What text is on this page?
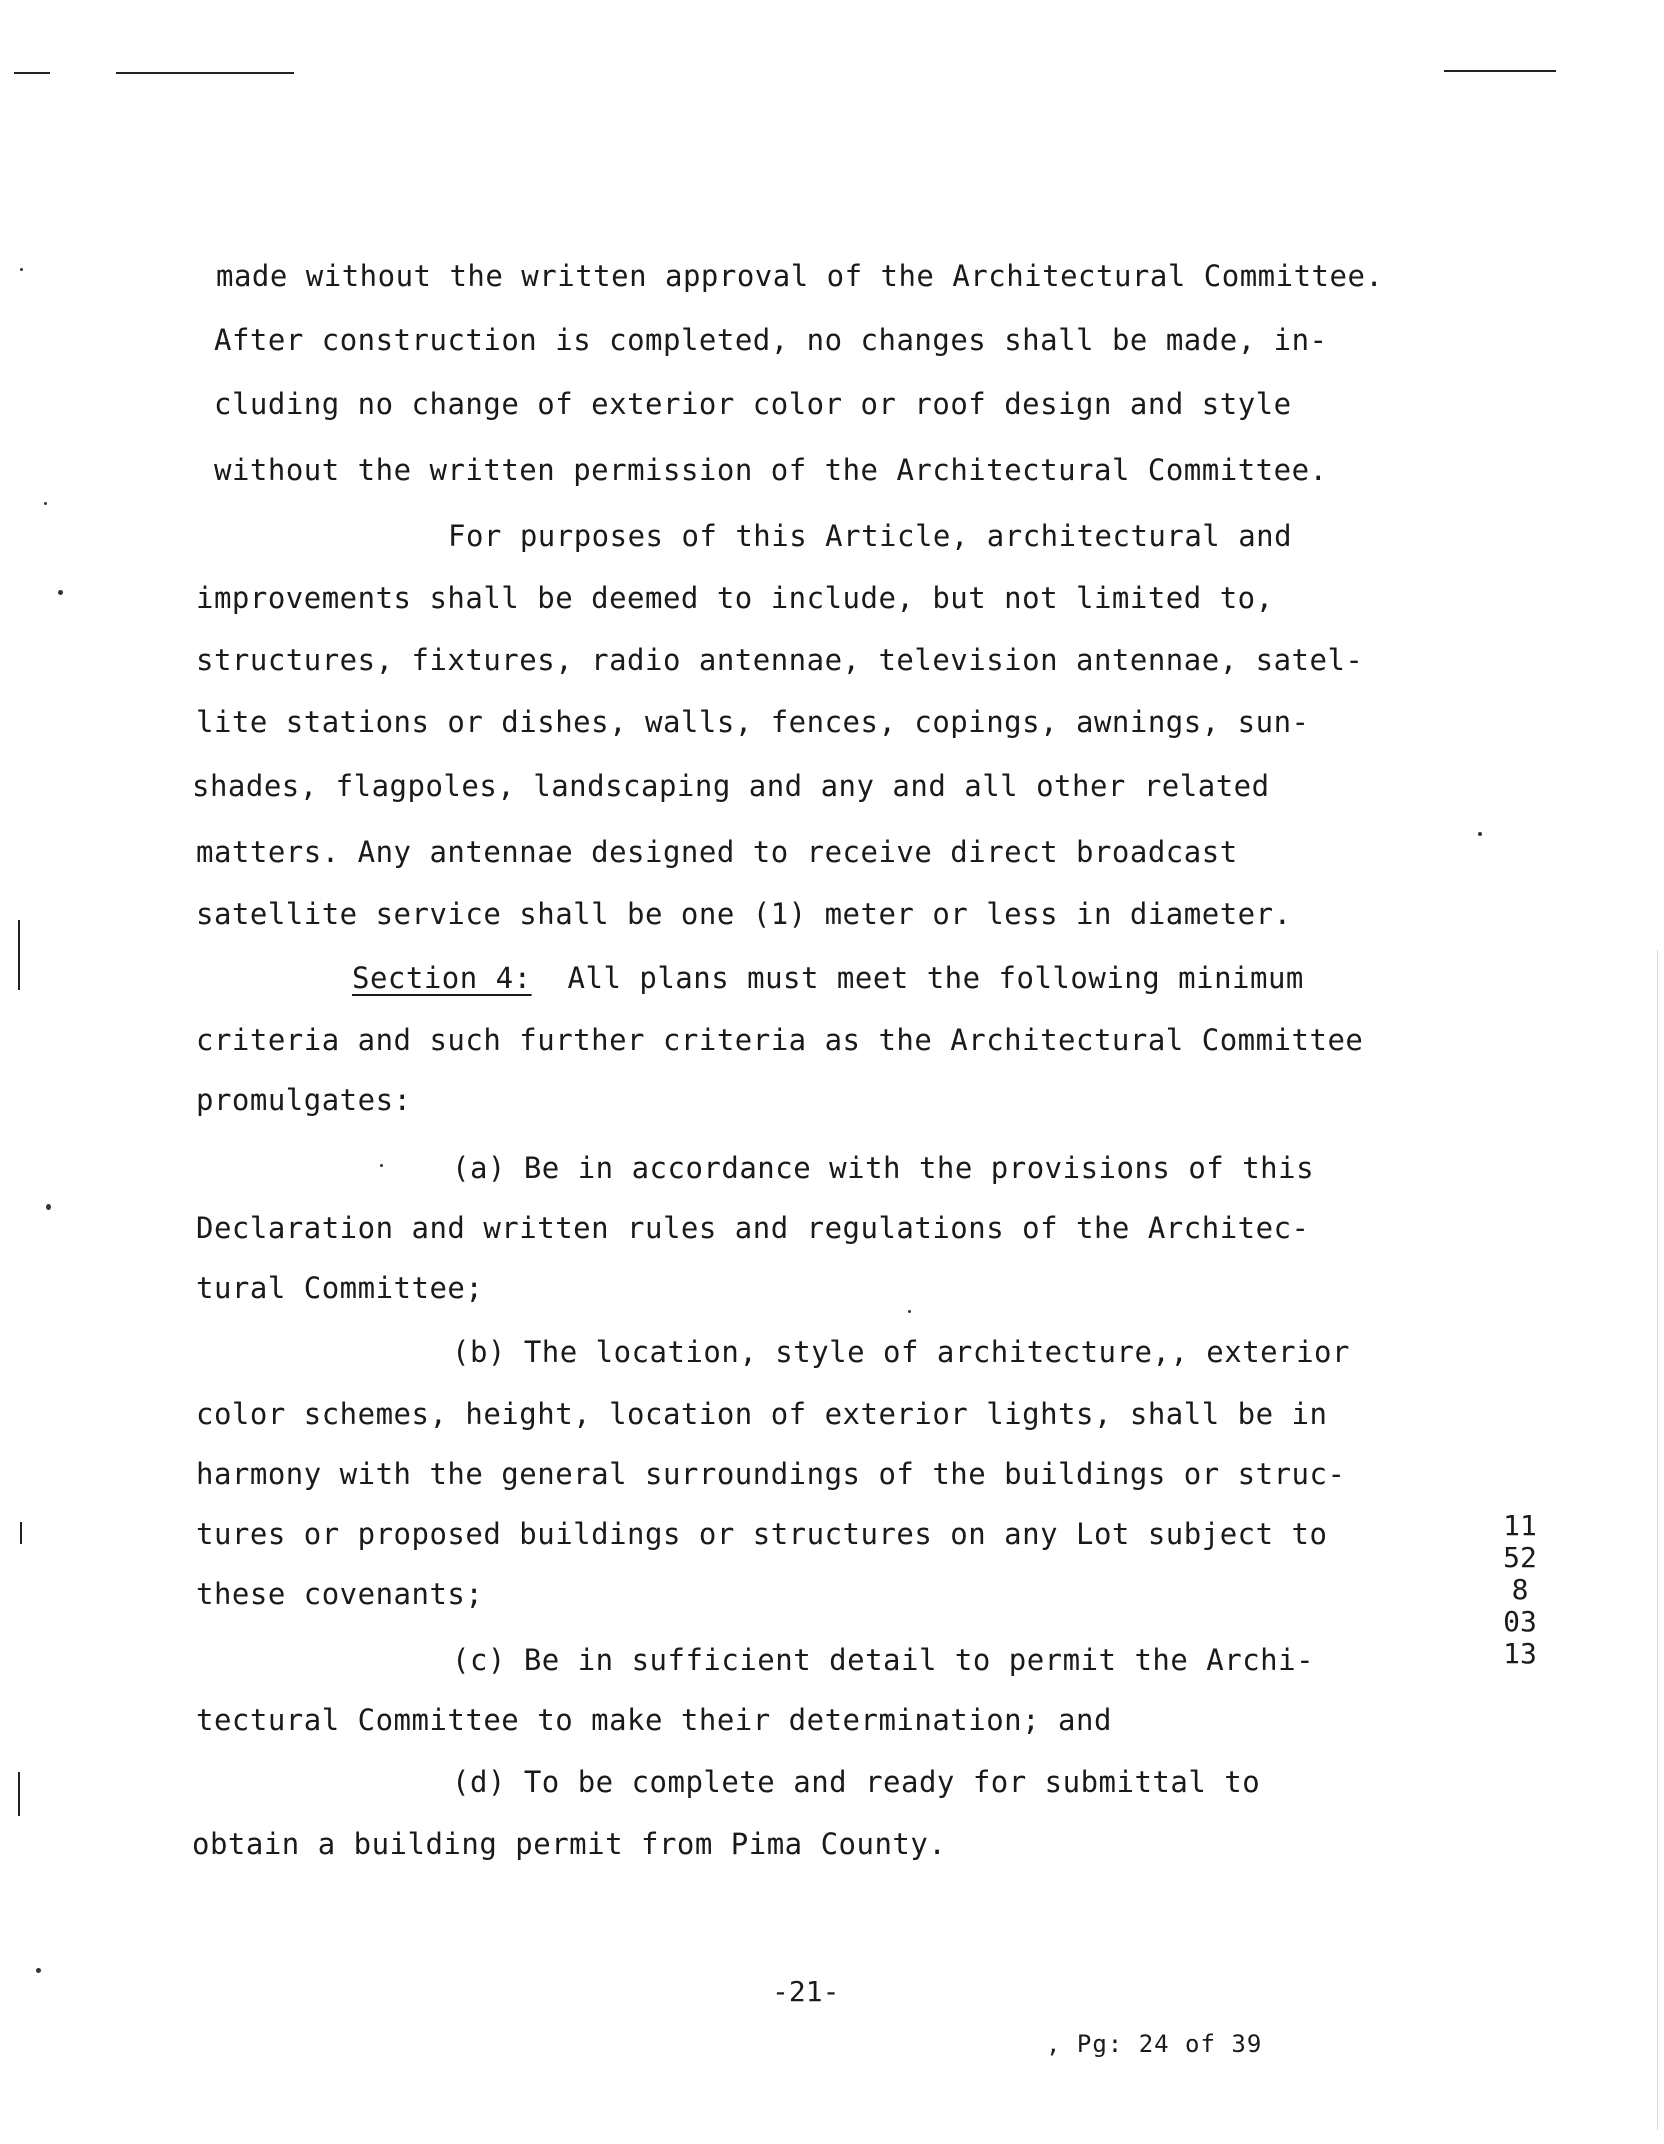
made without the written approval of the Architectural Committee.
After construction is completed, no changes shall be made, in-
cluding no change of exterior color or roof design and style
without the written permission of the Architectural Committee.
For purposes of this Article, architectural and
improvements shall be deemed to include, but not limited to,
structures, fixtures, radio antennae, television antennae, satel-
lite stations or dishes, walls, fences, copings, awnings, sun-
shades, flagpoles, landscaping and any and all other related
matters. Any antennae designed to receive direct broadcast
satellite service shall be one (1) meter or less in diameter.
Section 4: All plans must meet the following minimum
criteria and such further criteria as the Architectural Committee
promulgates:
(a) Be in accordance with the provisions of this
Declaration and written rules and regulations of the Architec-
tural Committee;
(b) The location, style of architecture,, exterior
color schemes, height, location of exterior lights, shall be in
harmony with the general surroundings of the buildings or struc-
tures or proposed buildings or structures on any Lot subject to
these covenants;
(c) Be in sufficient detail to permit the Archi-
tectural Committee to make their determination; and
(d) To be complete and ready for submittal to
obtain a building permit from Pima County.
-21-
, Pg: 24 of 39
11528 0313
